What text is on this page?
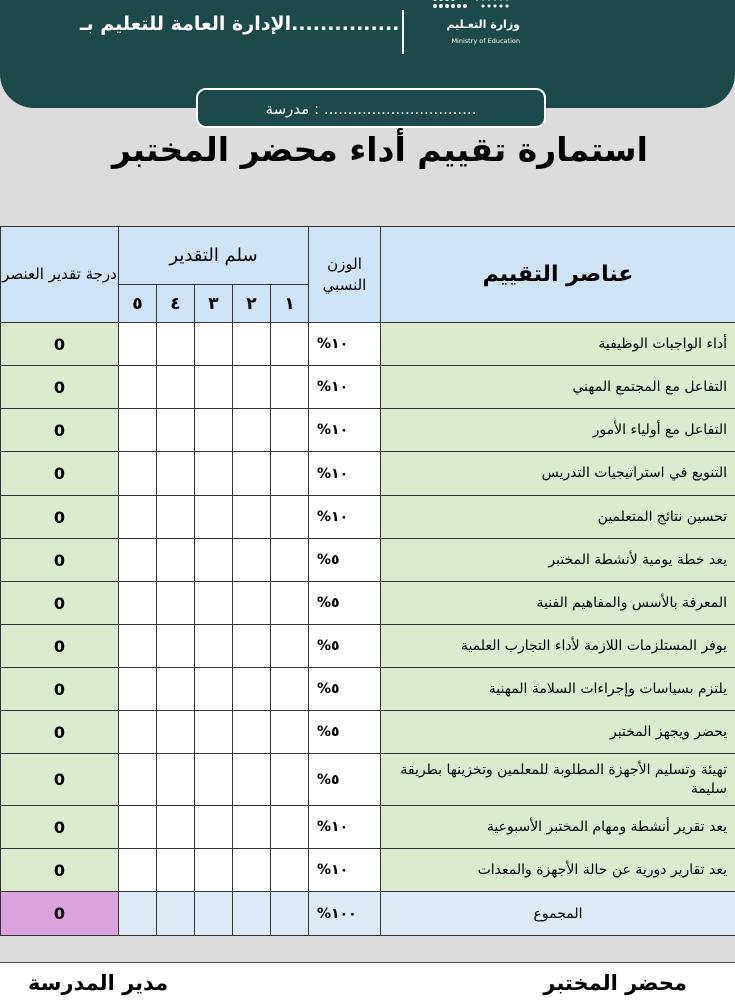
الإدارة العامة للتعليم بـ...............	وزارة التعـليم
Ministry of Education
مدرسة : ................................
استمارة تقييم أداء محضر المختبر
درجة تقدير العنصر	سلم التقدير					الوزن النسبي	عناصر التقييم
	٥	٤	٣	٢	١		
0						%١٠	أداء الواجبات الوظيفية
0						%١٠	التفاعل مع المجتمع المهني
0						%١٠	التفاعل مع أولياء الأمور
0						%١٠	التنويع في استراتيجيات التدريس
0						%١٠	تحسين نتائج المتعلمين
0						%٥	يعد خطة يومية لأنشطة المختبر
0						%٥	المعرفة بالأسس والمفاهيم الفنية
0						%٥	يوفر المستلزمات اللازمة لأداء التجارب العلمية
0						%٥	يلتزم بسياسات وإجراءات السلامة المهنية
0						%٥	يحضر ويجهز المختبر
0						%٥	تهيئة وتسليم الأجهزة المطلوبة للمعلمين وتخزينها بطريقة سليمة
0						%١٠	يعد تقرير أنشطة ومهام المختبر الأسبوعية
0						%١٠	يعد تقارير دورية عن حالة الأجهزة والمعدات
0						%١٠٠	المجموع
محضر المختبر
مدير المدرسة
